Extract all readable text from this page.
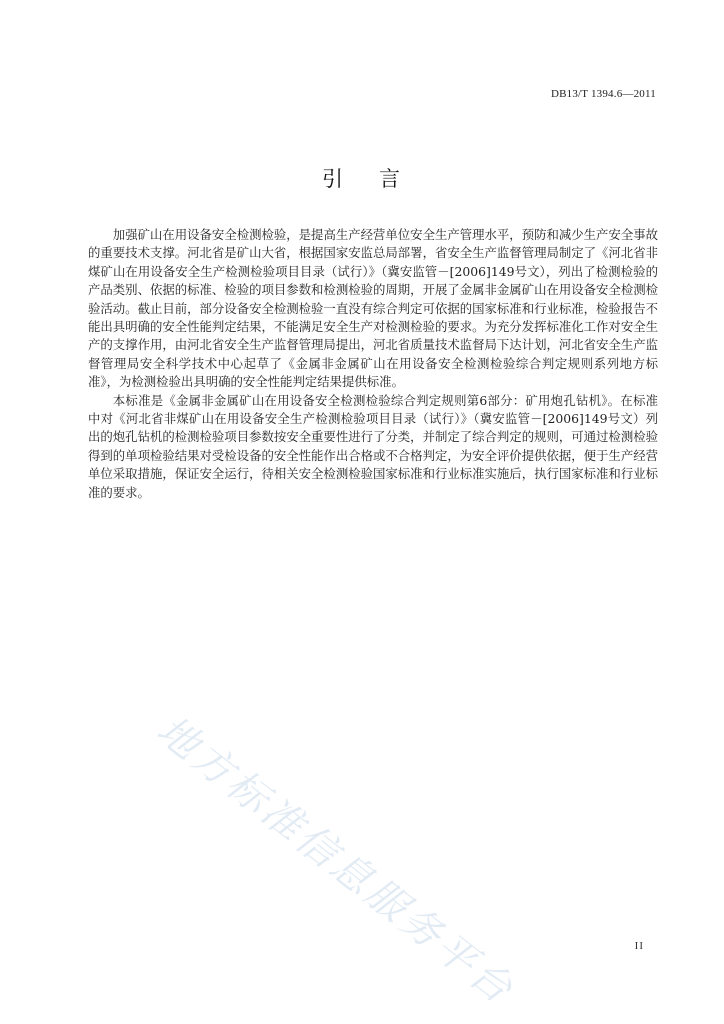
DB13/T 1394.6—2011
引 言

加强矿山在用设备安全检测检验，是提高生产经营单位安全生产管理水平，预防和减少生产安全事故的重要技术支撑。河北省是矿山大省，根据国家安监总局部署，省安全生产监督管理局制定了《河北省非煤矿山在用设备安全生产检测检验项目目录（试行）》（冀安监管－[2006]149号文），列出了检测检验的产品类别、依据的标准、检验的项目参数和检测检验的周期，开展了金属非金属矿山在用设备安全检测检验活动。截止目前，部分设备安全检测检验一直没有综合判定可依据的国家标准和行业标准，检验报告不能出具明确的安全性能判定结果，不能满足安全生产对检测检验的要求。为充分发挥标准化工作对安全生产的支撑作用，由河北省安全生产监督管理局提出，河北省质量技术监督局下达计划，河北省安全生产监督管理局安全科学技术中心起草了《金属非金属矿山在用设备安全检测检验综合判定规则系列地方标准》，为检测检验出具明确的安全性能判定结果提供标准。

本标准是《金属非金属矿山在用设备安全检测检验综合判定规则第6部分：矿用炮孔钻机》。在标准中对《河北省非煤矿山在用设备安全生产检测检验项目目录（试行）》（冀安监管－[2006]149号文）列出的炮孔钻机的检测检验项目参数按安全重要性进行了分类，并制定了综合判定的规则，可通过检测检验得到的单项检验结果对受检设备的安全性能作出合格或不合格判定，为安全评价提供依据，便于生产经营单位采取措施，保证安全运行，待相关安全检测检验国家标准和行业标准实施后，执行国家标准和行业标准的要求。

地方标准信息服务平台	II
